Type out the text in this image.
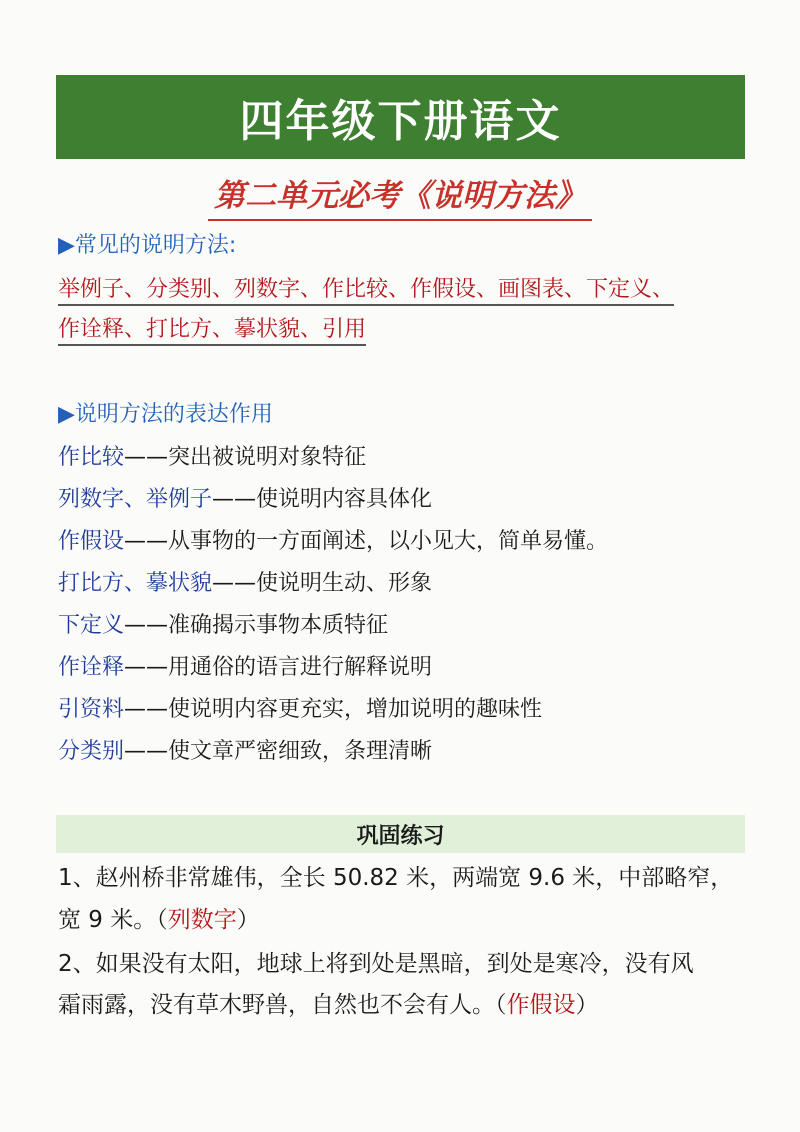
四年级下册语文
第二单元必考《说明方法》
▶常见的说明方法:
举例子、分类别、列数字、作比较、作假设、画图表、下定义、
作诠释、打比方、摹状貌、引用
▶说明方法的表达作用
作比较——突出被说明对象特征
列数字、举例子——使说明内容具体化
作假设——从事物的一方面阐述，以小见大，简单易懂。
打比方、摹状貌——使说明生动、形象
下定义——准确揭示事物本质特征
作诠释——用通俗的语言进行解释说明
引资料——使说明内容更充实，增加说明的趣味性
分类别——使文章严密细致，条理清晰
巩固练习
1、赵州桥非常雄伟，全长 50.82 米，两端宽 9.6 米，中部略窄，
宽 9 米。（列数字）
2、如果没有太阳，地球上将到处是黑暗，到处是寒冷，没有风
霜雨露，没有草木野兽，自然也不会有人。（作假设）
